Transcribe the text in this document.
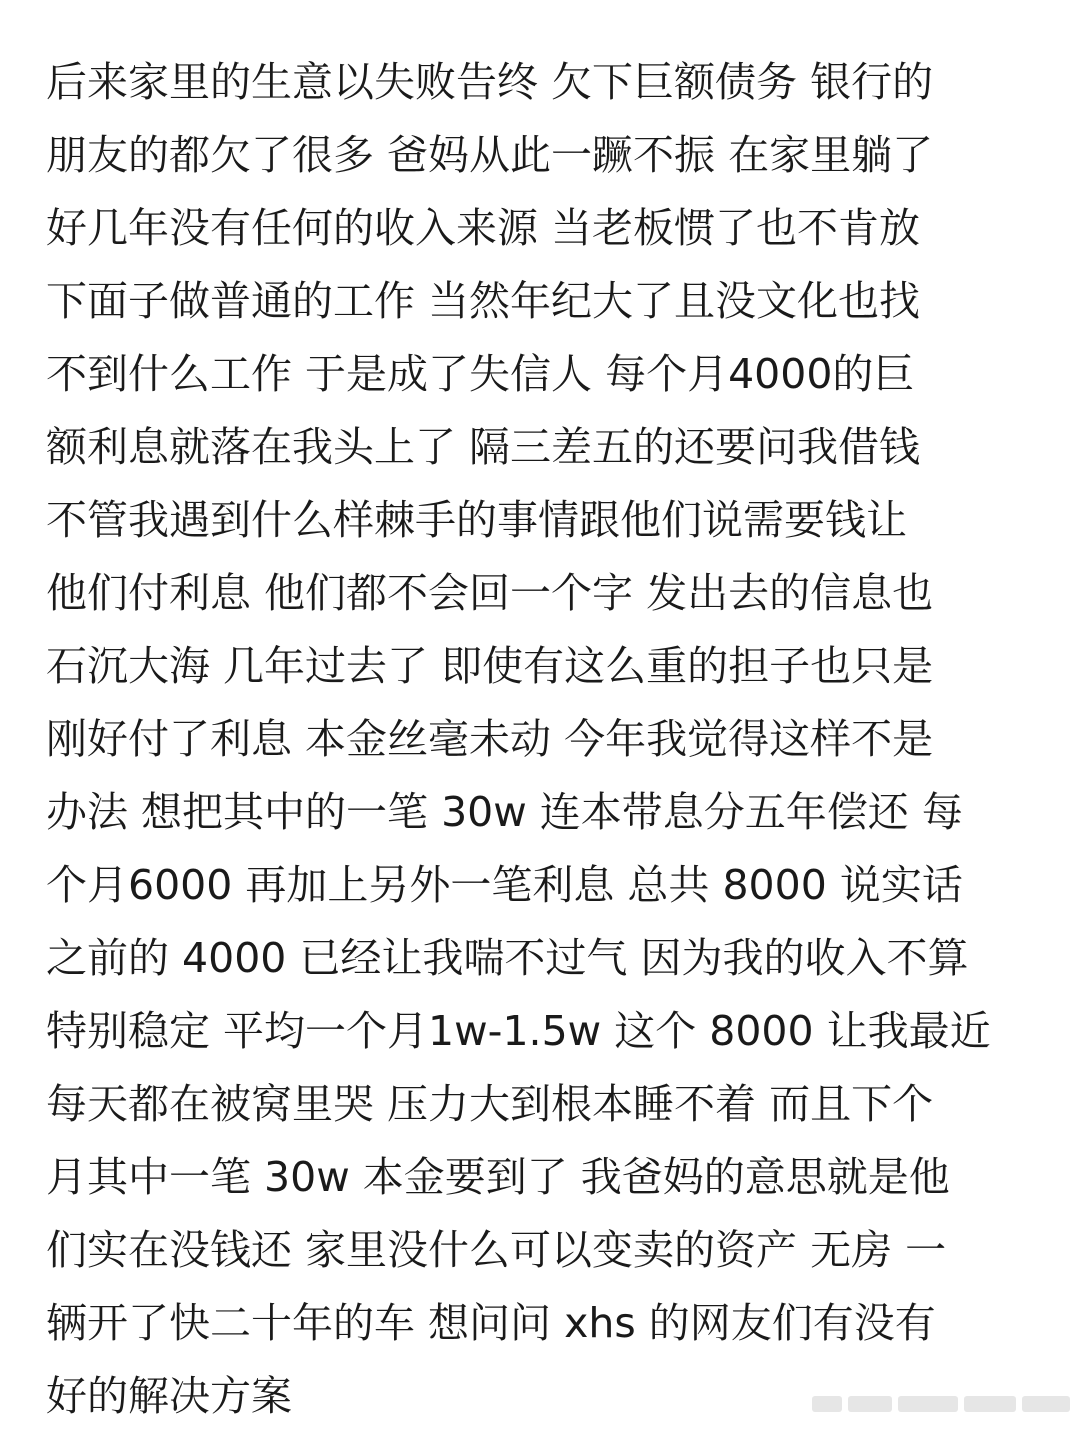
后来家里的生意以失败告终 欠下巨额债务 银行的
朋友的都欠了很多 爸妈从此一蹶不振 在家里躺了
好几年没有任何的收入来源 当老板惯了也不肯放
下面子做普通的工作 当然年纪大了且没文化也找
不到什么工作 于是成了失信人 每个月4000的巨
额利息就落在我头上了 隔三差五的还要问我借钱
不管我遇到什么样棘手的事情跟他们说需要钱让
他们付利息 他们都不会回一个字 发出去的信息也
石沉大海 几年过去了 即使有这么重的担子也只是
刚好付了利息 本金丝毫未动 今年我觉得这样不是
办法 想把其中的一笔 30w 连本带息分五年偿还 每
个月6000 再加上另外一笔利息 总共 8000 说实话
之前的 4000 已经让我喘不过气 因为我的收入不算
特别稳定 平均一个月1w-1.5w 这个 8000 让我最近
每天都在被窝里哭 压力大到根本睡不着 而且下个
月其中一笔 30w 本金要到了 我爸妈的意思就是他
们实在没钱还 家里没什么可以变卖的资产 无房 一
辆开了快二十年的车 想问问 xhs 的网友们有没有
好的解决方案
